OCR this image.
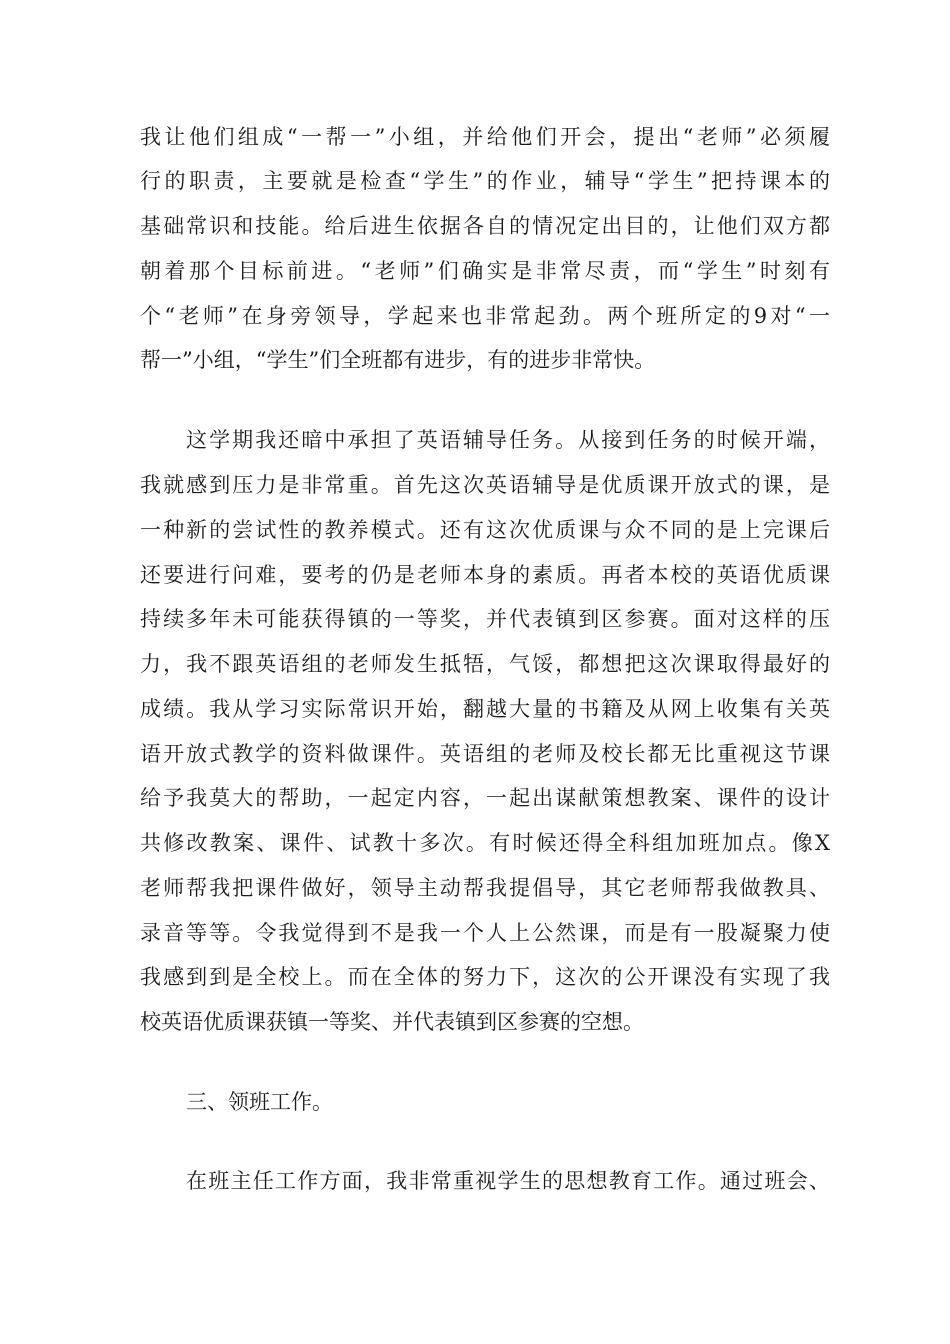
我让他们组成“一帮一”小组，并给他们开会，提出“老师”必须履
行的职责，主要就是检查“学生”的作业，辅导“学生”把持课本的
基础常识和技能。给后进生依据各自的情况定出目的，让他们双方都
朝着那个目标前进。“老师”们确实是非常尽责，而“学生”时刻有
个“老师”在身旁领导，学起来也非常起劲。两个班所定的9对“一
帮一”小组，“学生”们全班都有进步，有的进步非常快。
这学期我还暗中承担了英语辅导任务。从接到任务的时候开端，
我就感到压力是非常重。首先这次英语辅导是优质课开放式的课，是
一种新的尝试性的教养模式。还有这次优质课与众不同的是上完课后
还要进行问难，要考的仍是老师本身的素质。再者本校的英语优质课
持续多年未可能获得镇的一等奖，并代表镇到区参赛。面对这样的压
力，我不跟英语组的老师发生抵牾，气馁，都想把这次课取得最好的
成绩。我从学习实际常识开始，翻越大量的书籍及从网上收集有关英
语开放式教学的资料做课件。英语组的老师及校长都无比重视这节课
给予我莫大的帮助，一起定内容，一起出谋献策想教案、课件的设计
共修改教案、课件、试教十多次。有时候还得全科组加班加点。像X
老师帮我把课件做好，领导主动帮我提倡导，其它老师帮我做教具、
录音等等。令我觉得到不是我一个人上公然课，而是有一股凝聚力使
我感到到是全校上。而在全体的努力下，这次的公开课没有实现了我
校英语优质课获镇一等奖、并代表镇到区参赛的空想。
三、领班工作。
在班主任工作方面，我非常重视学生的思想教育工作。通过班会、
